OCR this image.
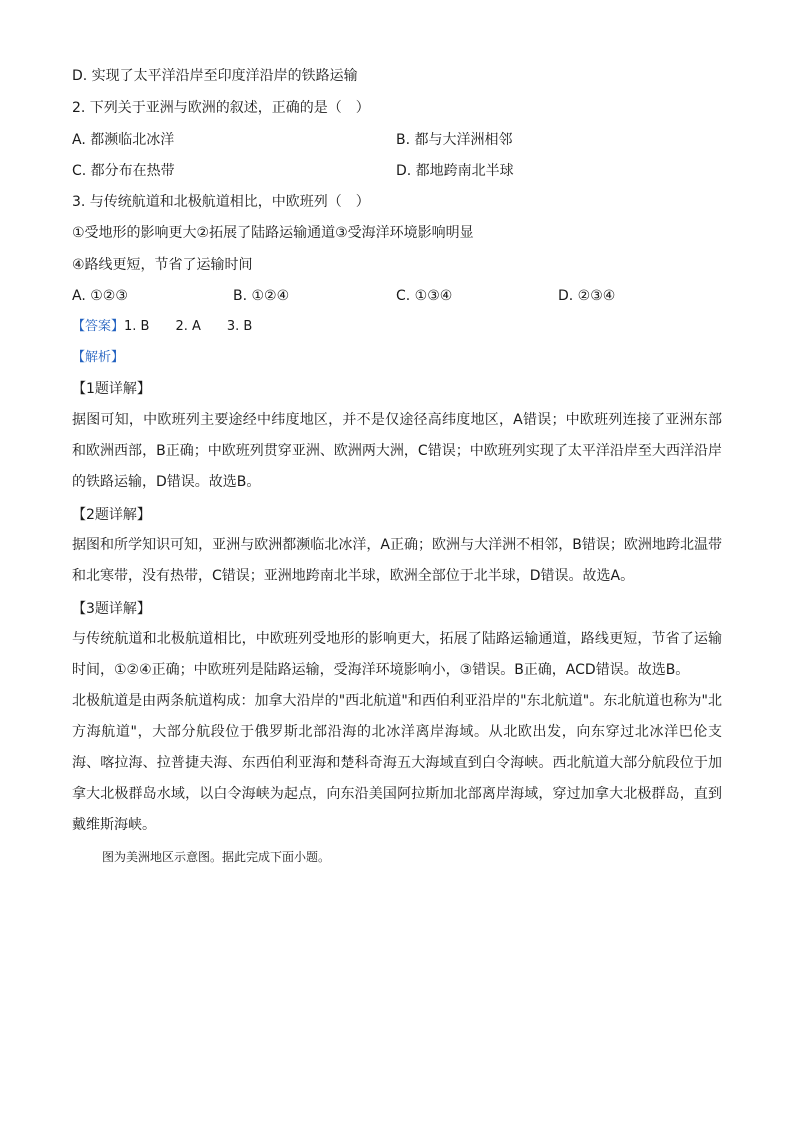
D. 实现了太平洋沿岸至印度洋沿岸的铁路运输
2. 下列关于亚洲与欧洲的叙述，正确的是（　）
A. 都濒临北冰洋	B. 都与大洋洲相邻
C. 都分布在热带	D. 都地跨南北半球
3. 与传统航道和北极航道相比，中欧班列（　）
①受地形的影响更大②拓展了陆路运输通道③受海洋环境影响明显
④路线更短，节省了运输时间
A. ①②③	B. ①②④	C. ①③④	D. ②③④
【答案】1. B　　2. A　　3. B
【解析】
【1题详解】
据图可知，中欧班列主要途经中纬度地区，并不是仅途径高纬度地区，A错误；中欧班列连接了亚洲东部和欧洲西部，B正确；中欧班列贯穿亚洲、欧洲两大洲，C错误；中欧班列实现了太平洋沿岸至大西洋沿岸的铁路运输，D错误。故选B。
【2题详解】
据图和所学知识可知，亚洲与欧洲都濒临北冰洋，A正确；欧洲与大洋洲不相邻，B错误；欧洲地跨北温带和北寒带，没有热带，C错误；亚洲地跨南北半球，欧洲全部位于北半球，D错误。故选A。
【3题详解】
与传统航道和北极航道相比，中欧班列受地形的影响更大，拓展了陆路运输通道，路线更短，节省了运输时间，①②④正确；中欧班列是陆路运输，受海洋环境影响小，③错误。B正确，ACD错误。故选B。
北极航道是由两条航道构成：加拿大沿岸的"西北航道"和西伯利亚沿岸的"东北航道"。东北航道也称为"北方海航道"，大部分航段位于俄罗斯北部沿海的北冰洋离岸海域。从北欧出发，向东穿过北冰洋巴伦支海、喀拉海、拉普捷夫海、东西伯利亚海和楚科奇海五大海域直到白令海峡。西北航道大部分航段位于加拿大北极群岛水域，以白令海峡为起点，向东沿美国阿拉斯加北部离岸海域，穿过加拿大北极群岛，直到戴维斯海峡。
图为美洲地区示意图。据此完成下面小题。
